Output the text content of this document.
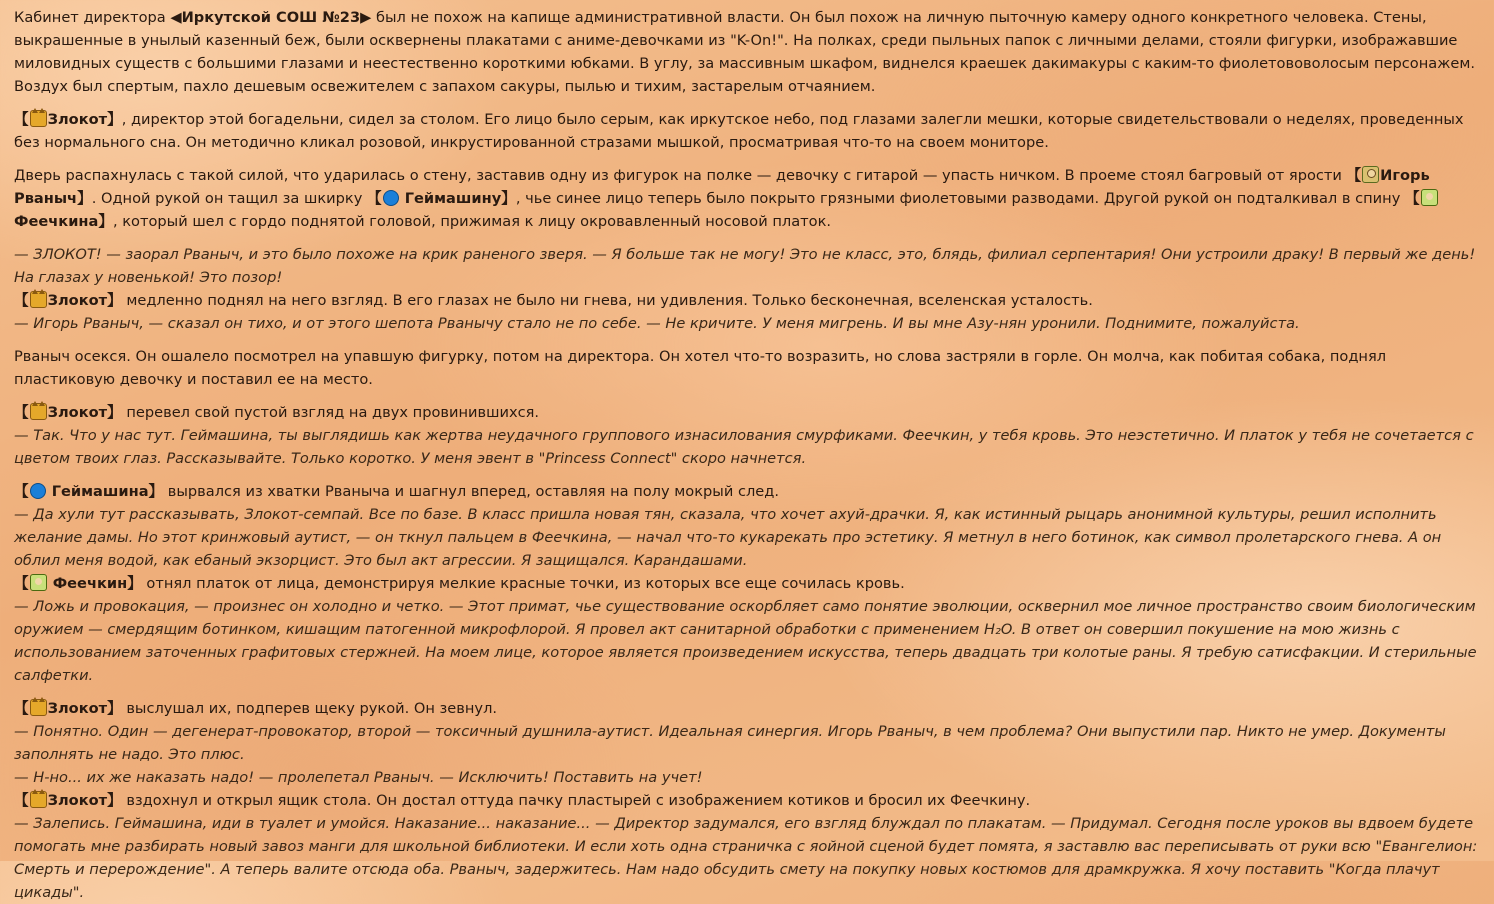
Кабинет директора ◀Иркутской СОШ №23▶ был не похож на капище административной власти. Он был похож на личную пыточную камеру одного конкретного человека. Стены, выкрашенные в унылый казенный беж, были осквернены плакатами с аниме-девочками из "K-On!". На полках, среди пыльных папок с личными делами, стояли фигурки, изображавшие миловидных существ с большими глазами и неестественно короткими юбками. В углу, за массивным шкафом, виднелся краешек дакимакуры с каким-то фиолетововолосым персонажем. Воздух был спертым, пахло дешевым освежителем с запахом сакуры, пылью и тихим, застарелым отчаянием.

【 Злокот】, директор этой богадельни, сидел за столом. Его лицо было серым, как иркутское небо, под глазами залегли мешки, которые свидетельствовали о неделях, проведенных без нормального сна. Он методично кликал розовой, инкрустированной стразами мышкой, просматривая что-то на своем мониторе.

Дверь распахнулась с такой силой, что ударилась о стену, заставив одну из фигурок на полке — девочку с гитарой — упасть ничком. В проеме стоял багровый от ярости 【 Игорь Рваныч】. Одной рукой он тащил за шкирку 【 Геймашину】, чье синее лицо теперь было покрыто грязными фиолетовыми разводами. Другой рукой он подталкивал в спину 【 Феечкина】, который шел с гордо поднятой головой, прижимая к лицу окровавленный носовой платок.

— ЗЛОКОТ! — заорал Рваныч, и это было похоже на крик раненого зверя. — Я больше так не могу! Это не класс, это, блядь, филиал серпентария! Они устроили драку! В первый же день! На глазах у новенькой! Это позор!

【 Злокот】 медленно поднял на него взгляд. В его глазах не было ни гнева, ни удивления. Только бесконечная, вселенская усталость.

— Игорь Рваныч, — сказал он тихо, и от этого шепота Рванычу стало не по себе. — Не кричите. У меня мигрень. И вы мне Азу-нян уронили. Поднимите, пожалуйста.

Рваныч осекся. Он ошалело посмотрел на упавшую фигурку, потом на директора. Он хотел что-то возразить, но слова застряли в горле. Он молча, как побитая собака, поднял пластиковую девочку и поставил ее на место.

【 Злокот】 перевел свой пустой взгляд на двух провинившихся.

— Так. Что у нас тут. Геймашина, ты выглядишь как жертва неудачного группового изнасилования смурфиками. Феечкин, у тебя кровь. Это неэстетично. И платок у тебя не сочетается с цветом твоих глаз. Рассказывайте. Только коротко. У меня эвент в "Princess Connect" скоро начнется.

【 Геймашина】 вырвался из хватки Рваныча и шагнул вперед, оставляя на полу мокрый след.

— Да хули тут рассказывать, Злокот-семпай. Все по базе. В класс пришла новая тян, сказала, что хочет ахуй-драчки. Я, как истинный рыцарь анонимной культуры, решил исполнить желание дамы. Но этот кринжовый аутист, — он ткнул пальцем в Феечкина, — начал что-то кукарекать про эстетику. Я метнул в него ботинок, как символ пролетарского гнева. А он облил меня водой, как ебаный экзорцист. Это был акт агрессии. Я защищался. Карандашами.

【 Феечкин】 отнял платок от лица, демонстрируя мелкие красные точки, из которых все еще сочилась кровь.

— Ложь и провокация, — произнес он холодно и четко. — Этот примат, чье существование оскорбляет само понятие эволюции, осквернил мое личное пространство своим биологическим оружием — смердящим ботинком, кишащим патогенной микрофлорой. Я провел акт санитарной обработки с применением H₂O. В ответ он совершил покушение на мою жизнь с использованием заточенных графитовых стержней. На моем лице, которое является произведением искусства, теперь двадцать три колотые раны. Я требую сатисфакции. И стерильные салфетки.

【 Злокот】 выслушал их, подперев щеку рукой. Он зевнул.

— Понятно. Один — дегенерат-провокатор, второй — токсичный душнила-аутист. Идеальная синергия. Игорь Рваныч, в чем проблема? Они выпустили пар. Никто не умер. Документы заполнять не надо. Это плюс.

— Н-но... их же наказать надо! — пролепетал Рваныч. — Исключить! Поставить на учет!

【 Злокот】 вздохнул и открыл ящик стола. Он достал оттуда пачку пластырей с изображением котиков и бросил их Феечкину.

— Залепись. Геймашина, иди в туалет и умойся. Наказание... наказание... — Директор задумался, его взгляд блуждал по плакатам. — Придумал. Сегодня после уроков вы вдвоем будете помогать мне разбирать новый завоз манги для школьной библиотеки. И если хоть одна страничка с яойной сценой будет помята, я заставлю вас переписывать от руки всю "Евангелион: Смерть и перерождение". А теперь валите отсюда оба. Рваныч, задержитесь. Нам надо обсудить смету на покупку новых костюмов для драмкружка. Я хочу поставить "Когда плачут цикады".
